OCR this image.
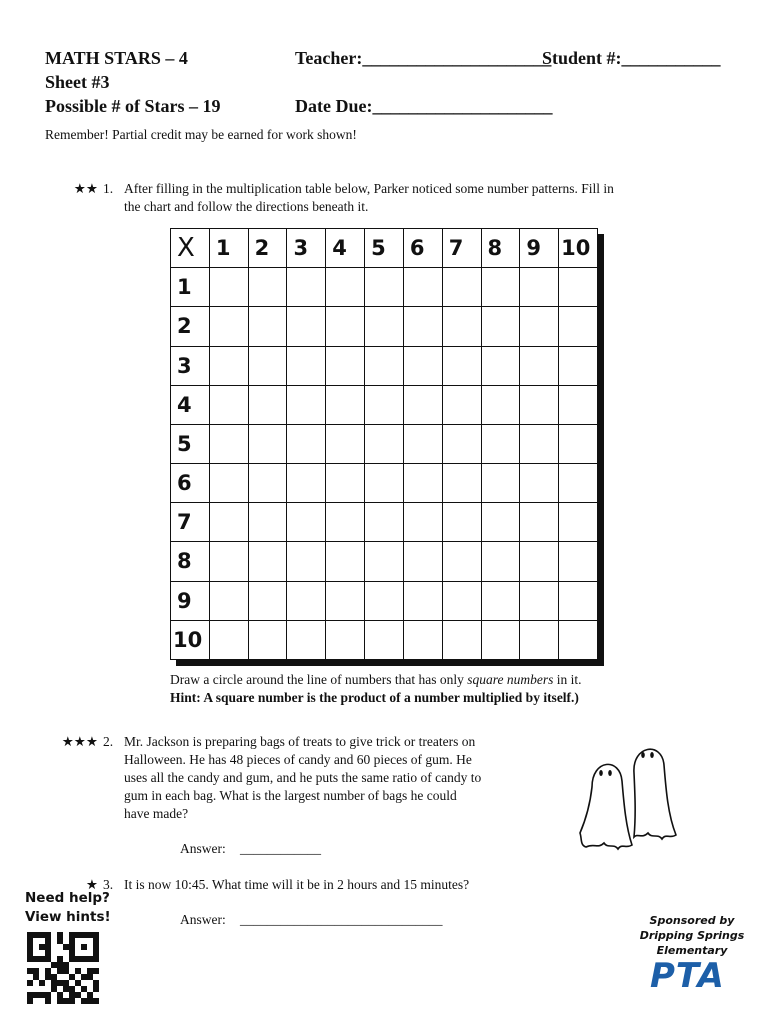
MATH STARS – 4
Sheet #3
Possible # of Stars – 19
Teacher:_____________________
Student #:___________
Date Due:____________________
Remember! Partial credit may be earned for work shown!
★★ 1. After filling in the multiplication table below, Parker noticed some number patterns. Fill in
the chart and follow the directions beneath it.
X	1	2	3	4	5	6	7	8	9	10
1										
2										
3										
4										
5										
6										
7										
8										
9										
10										
Draw a circle around the line of numbers that has only square numbers in it.
Hint: A square number is the product of a number multiplied by itself.)
★★★ 2. Mr. Jackson is preparing bags of treats to give trick or treaters on
Halloween. He has 48 pieces of candy and 60 pieces of gum. He
uses all the candy and gum, and he puts the same ratio of candy to
gum in each bag. What is the largest number of bags he could
have made?
Answer: ____________
★ 3. It is now 10:45. What time will it be in 2 hours and 15 minutes?
Answer: ______________________________
Need help?
View hints!	Sponsored by
Dripping Springs
Elementary
PTA
